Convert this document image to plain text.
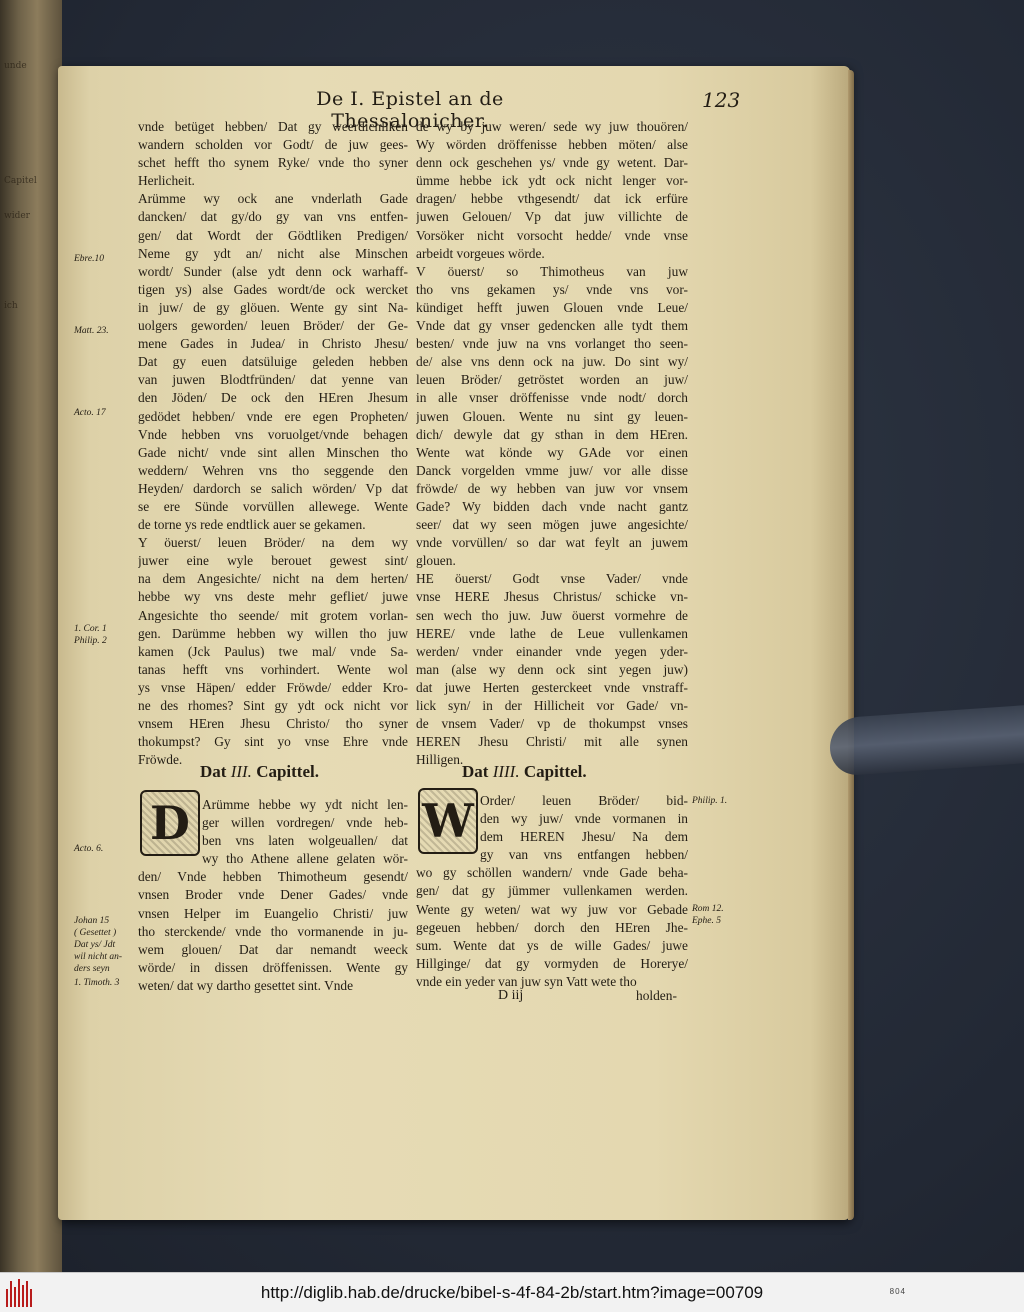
unde
Capitel
wider
ich
De I. Epistel an de Thessalonicher.
123
vnde betüget hebben/ Dat gy weerdichliken
wandern scholden vor Godt/ de juw gees-
schet hefft tho synem Ryke/ vnde tho syner
Herlicheit.
Arümme wy ock ane vnderlath Gade
dancken/ dat gy/do gy van vns entfen-
gen/ dat Wordt der Gödtliken Predigen/
Neme gy ydt an/ nicht alse Minschen
wordt/ Sunder (alse ydt denn ock warhaff-
tigen ys) alse Gades wordt/de ock wercket
in juw/ de gy glöuen. Wente gy sint Na-
uolgers geworden/ leuen Bröder/ der Ge-
mene Gades in Judea/ in Christo Jhesu/
Dat gy euen datsüluige geleden hebben
van juwen Blodtfründen/ dat yenne van
den Jöden/ De ock den HEren Jhesum
gedödet hebben/ vnde ere egen Propheten/
Vnde hebben vns voruolget/vnde behagen
Gade nicht/ vnde sint allen Minschen tho
weddern/ Wehren vns tho seggende den
Heyden/ dardorch se salich wörden/ Vp dat
se ere Sünde vorvüllen allewege. Wente
de torne ys rede endtlick auer se gekamen.
Y öuerst/ leuen Bröder/ na dem wy
juwer eine wyle berouet gewest sint/
na dem Angesichte/ nicht na dem herten/
hebbe wy vns deste mehr gefliet/ juwe
Angesichte tho seende/ mit grotem vorlan-
gen. Darümme hebben wy willen tho juw
kamen (Jck Paulus) twe mal/ vnde Sa-
tanas hefft vns vorhindert. Wente wol
ys vnse Häpen/ edder Fröwde/ edder Kro-
ne des rhomes? Sint gy ydt ock nicht vor
vnsem HEren Jhesu Christo/ tho syner
thokumpst? Gy sint yo vnse Ehre vnde
Fröwde.
de wy by juw weren/ sede wy juw thouören/
Wy wörden dröffenisse hebben möten/ alse
denn ock geschehen ys/ vnde gy wetent. Dar-
ümme hebbe ick ydt ock nicht lenger vor-
dragen/ hebbe vthgesendt/ dat ick erfüre
juwen Gelouen/ Vp dat juw villichte de
Vorsöker nicht vorsocht hedde/ vnde vnse
arbeidt vorgeues wörde.
V öuerst/ so Thimotheus van juw
tho vns gekamen ys/ vnde vns vor-
kündiget hefft juwen Glouen vnde Leue/
Vnde dat gy vnser gedencken alle tydt them
besten/ vnde juw na vns vorlanget tho seen-
de/ alse vns denn ock na juw. Do sint wy/
leuen Bröder/ getröstet worden an juw/
in alle vnser dröffenisse vnde nodt/ dorch
juwen Glouen. Wente nu sint gy leuen-
dich/ dewyle dat gy sthan in dem HEren.
Wente wat könde wy GAde vor einen
Danck vorgelden vmme juw/ vor alle disse
fröwde/ de wy hebben van juw vor vnsem
Gade? Wy bidden dach vnde nacht gantz
seer/ dat wy seen mögen juwe angesichte/
vnde vorvüllen/ so dar wat feylt an juwem
glouen.
HE öuerst/ Godt vnse Vader/ vnde
vnse HERE Jhesus Christus/ schicke vn-
sen wech tho juw. Juw öuerst vormehre de
HERE/ vnde lathe de Leue vullenkamen
werden/ vnder einander vnde yegen yder-
man (alse wy denn ock sint yegen juw)
dat juwe Herten gesterckeet vnde vnstraff-
lick syn/ in der Hillicheit vor Gade/ vn-
de vnsem Vader/ vp de thokumpst vnses
HEREN Jhesu Christi/ mit alle synen
Hilligen.
Dat III. Capittel.	Dat IIII. Capittel.
D	W
Arümme hebbe wy ydt nicht len-
ger willen vordregen/ vnde heb-
ben vns laten wolgeuallen/ dat
wy tho Athene allene gelaten wör-
den/ Vnde hebben Thimotheum gesendt/
vnsen Broder vnde Dener Gades/ vnde
vnsen Helper im Euangelio Christi/ juw
tho sterckende/ vnde tho vormanende in ju-
wem glouen/ Dat dar nemandt weeck
wörde/ in dissen dröffenissen. Wente gy
weten/ dat wy dartho gesettet sint. Vnde
Order/ leuen Bröder/ bid-
den wy juw/ vnde vormanen in
dem HEREN Jhesu/ Na dem
gy van vns entfangen hebben/
wo gy schöllen wandern/ vnde Gade beha-
gen/ dat gy jümmer vullenkamen werden.
Wente gy weten/ wat wy juw vor Gebade
gegeuen hebben/ dorch den HEren Jhe-
sum. Wente dat ys de wille Gades/ juwe
Hillginge/ dat gy vormyden de Horerye/
vnde ein yeder van juw syn Vatt wete tho
D iij	holden-
Ebre.10
Matt. 23.
Acto. 17
1. Cor. 1
Philip. 2
Acto. 6.
Johan 15
( Gesettet )
Dat ys/ Jdt
wil nicht an-
ders seyn
1. Timoth. 3
Philip. 1.
Rom 12.
Ephe. 5
http://diglib.hab.de/drucke/bibel-s-4f-84-2b/start.htm?image=00709	804
